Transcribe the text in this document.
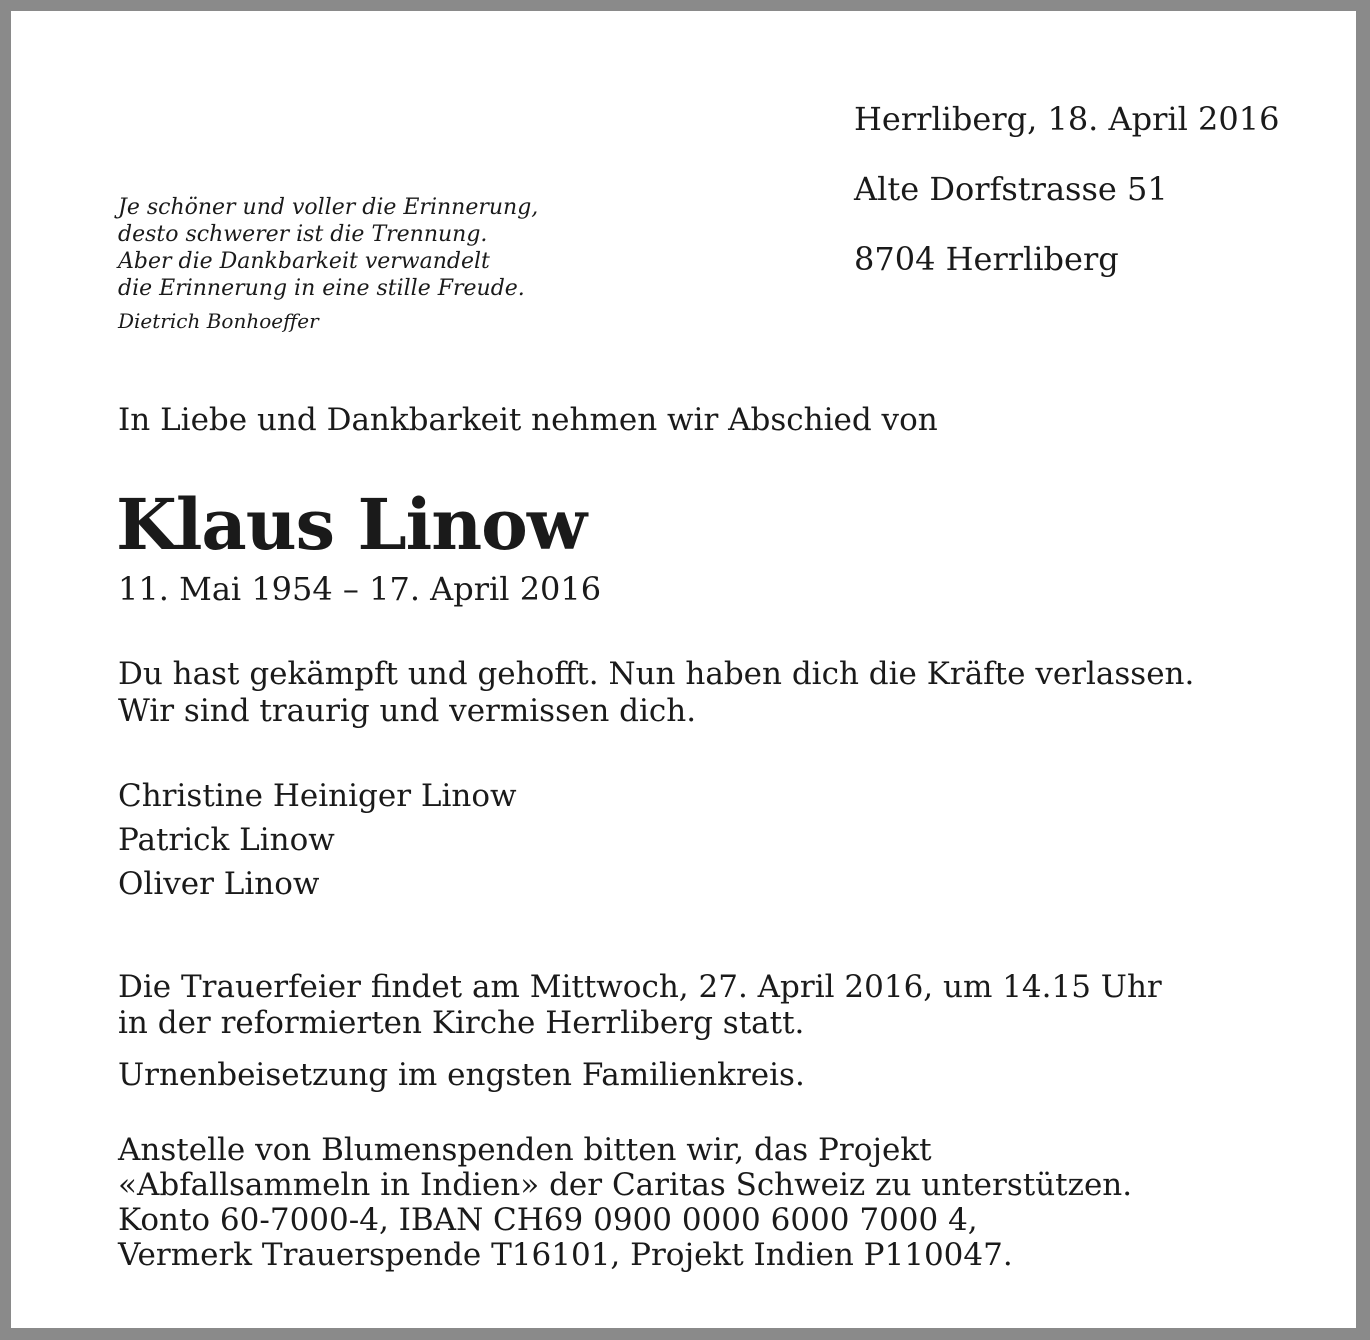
Herrliberg, 18. April 2016

Alte Dorfstrasse 51

8704 Herrliberg

Je schöner und voller die Erinnerung,
desto schwerer ist die Trennung.
Aber die Dankbarkeit verwandelt
die Erinnerung in eine stille Freude.
Dietrich Bonhoeffer
In Liebe und Dankbarkeit nehmen wir Abschied von
Klaus Linow
11. Mai 1954 – 17. April 2016
Du hast gekämpft und gehofft. Nun haben dich die Kräfte verlassen.
Wir sind traurig und vermissen dich.
Christine Heiniger Linow
Patrick Linow
Oliver Linow
Die Trauerfeier findet am Mittwoch, 27. April 2016, um 14.15 Uhr
in der reformierten Kirche Herrliberg statt.
Urnenbeisetzung im engsten Familienkreis.
Anstelle von Blumenspenden bitten wir, das Projekt
«Abfallsammeln in Indien» der Caritas Schweiz zu unterstützen.
Konto 60-7000-4, IBAN CH69 0900 0000 6000 7000 4,
Vermerk Trauerspende T16101, Projekt Indien P110047.
